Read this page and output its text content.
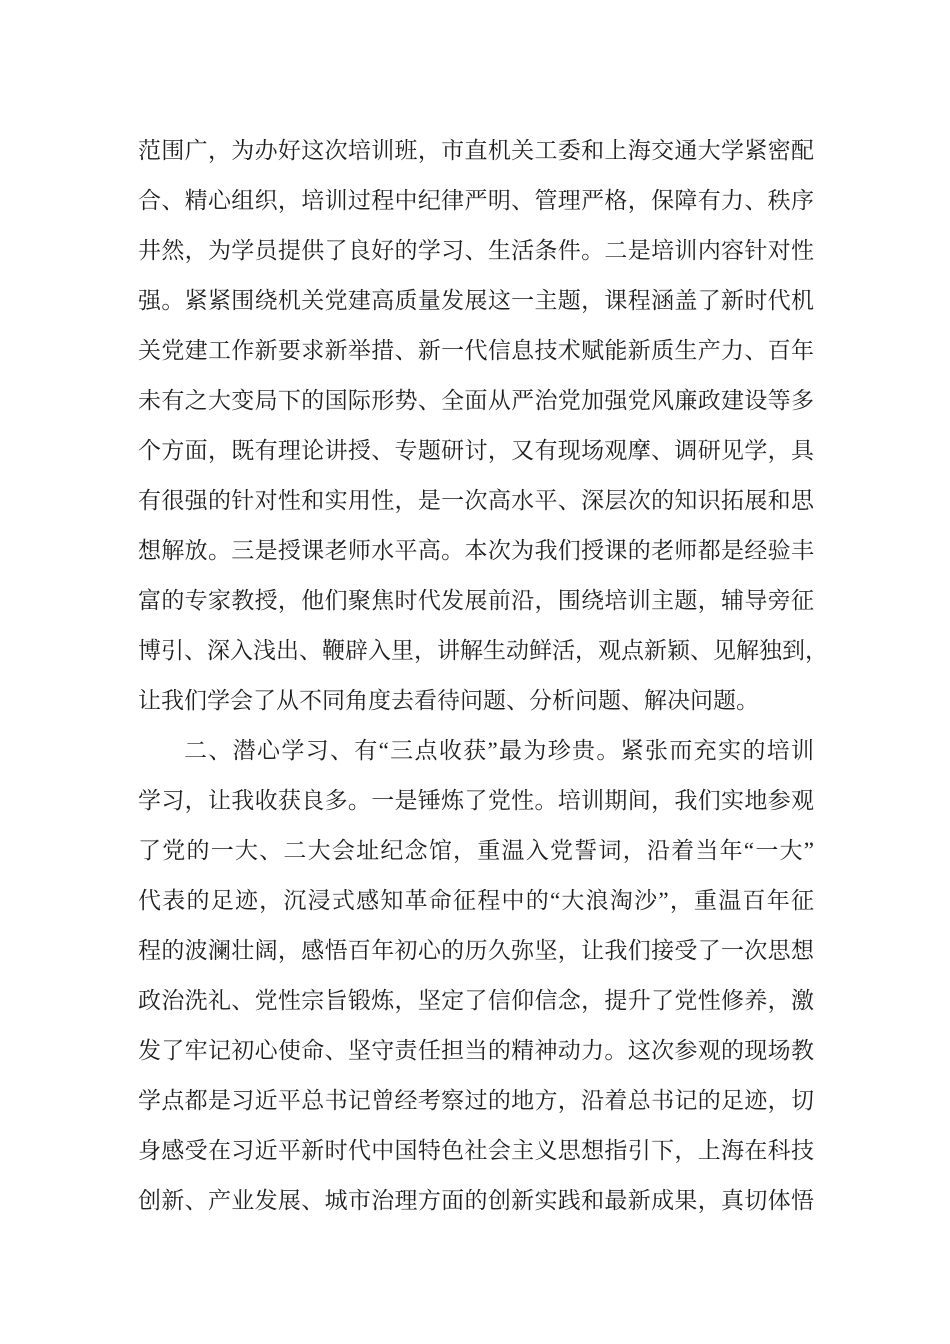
范围广，为办好这次培训班，市直机关工委和上海交通大学紧密配
合、精心组织，培训过程中纪律严明、管理严格，保障有力、秩序
井然，为学员提供了良好的学习、生活条件。二是培训内容针对性
强。紧紧围绕机关党建高质量发展这一主题，课程涵盖了新时代机
关党建工作新要求新举措、新一代信息技术赋能新质生产力、百年
未有之大变局下的国际形势、全面从严治党加强党风廉政建设等多
个方面，既有理论讲授、专题研讨，又有现场观摩、调研见学，具
有很强的针对性和实用性，是一次高水平、深层次的知识拓展和思
想解放。三是授课老师水平高。本次为我们授课的老师都是经验丰
富的专家教授，他们聚焦时代发展前沿，围绕培训主题，辅导旁征
博引、深入浅出、鞭辟入里，讲解生动鲜活，观点新颖、见解独到，
让我们学会了从不同角度去看待问题、分析问题、解决问题。
二、潜心学习、有“三点收获”最为珍贵。紧张而充实的培训
学习，让我收获良多。一是锤炼了党性。培训期间，我们实地参观
了党的一大、二大会址纪念馆，重温入党誓词，沿着当年“一大”
代表的足迹，沉浸式感知革命征程中的“大浪淘沙”，重温百年征
程的波澜壮阔，感悟百年初心的历久弥坚，让我们接受了一次思想
政治洗礼、党性宗旨锻炼，坚定了信仰信念，提升了党性修养，激
发了牢记初心使命、坚守责任担当的精神动力。这次参观的现场教
学点都是习近平总书记曾经考察过的地方，沿着总书记的足迹，切
身感受在习近平新时代中国特色社会主义思想指引下，上海在科技
创新、产业发展、城市治理方面的创新实践和最新成果，真切体悟
